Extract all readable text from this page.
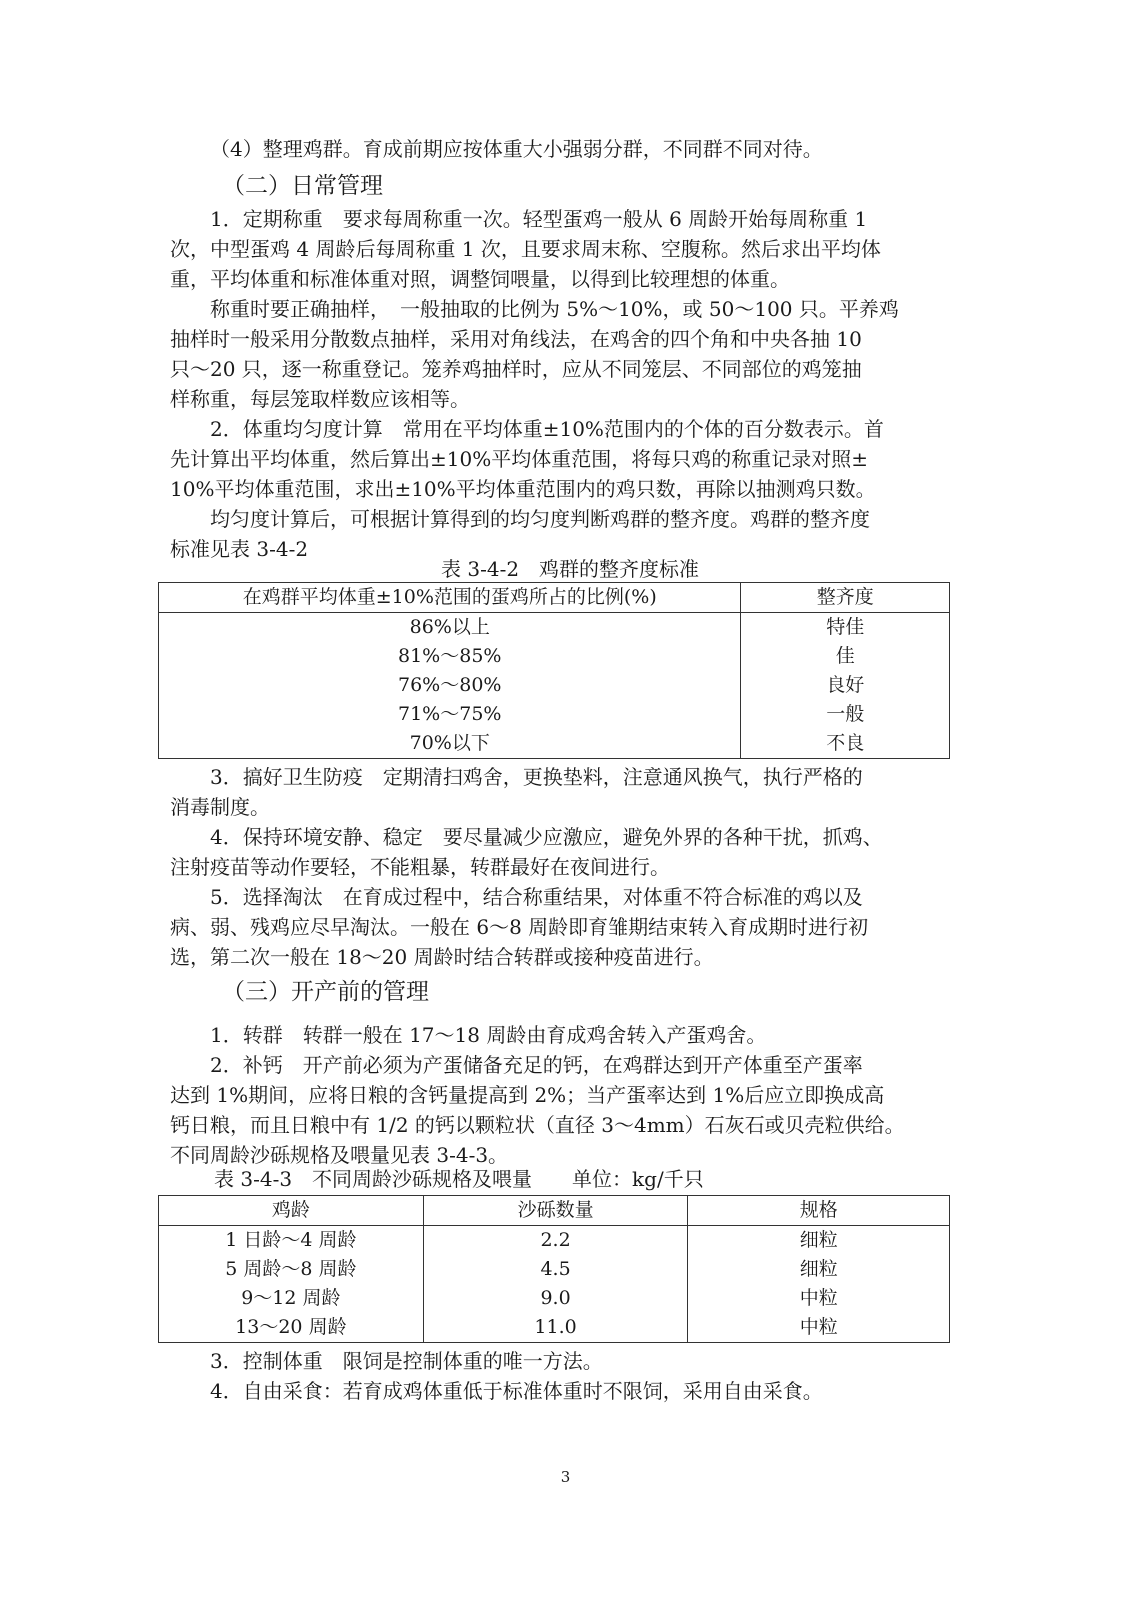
（4）整理鸡群。育成前期应按体重大小强弱分群，不同群不同对待。
（二）日常管理
1．定期称重　要求每周称重一次。轻型蛋鸡一般从 6 周龄开始每周称重 1
次，中型蛋鸡 4 周龄后每周称重 1 次，且要求周末称、空腹称。然后求出平均体
重，平均体重和标准体重对照，调整饲喂量，以得到比较理想的体重。
称重时要正确抽样，　一般抽取的比例为 5%～10%，或 50～100 只。平养鸡
抽样时一般采用分散数点抽样，采用对角线法，在鸡舍的四个角和中央各抽 10
只～20 只，逐一称重登记。笼养鸡抽样时，应从不同笼层、不同部位的鸡笼抽
样称重，每层笼取样数应该相等。
2．体重均匀度计算　常用在平均体重±10%范围内的个体的百分数表示。首
先计算出平均体重，然后算出±10%平均体重范围，将每只鸡的称重记录对照±
10%平均体重范围，求出±10%平均体重范围内的鸡只数，再除以抽测鸡只数。
均匀度计算后，可根据计算得到的均匀度判断鸡群的整齐度。鸡群的整齐度
标准见表 3-4-2
表 3-4-2　鸡群的整齐度标准
在鸡群平均体重±10%范围的蛋鸡所占的比例(%)	整齐度
86%以上	特佳
81%～85%	佳
76%～80%	良好
71%～75%	一般
70%以下	不良
3．搞好卫生防疫　定期清扫鸡舍，更换垫料，注意通风换气，执行严格的
消毒制度。
4．保持环境安静、稳定　要尽量减少应激应，避免外界的各种干扰，抓鸡、
注射疫苗等动作要轻，不能粗暴，转群最好在夜间进行。
5．选择淘汰　在育成过程中，结合称重结果，对体重不符合标准的鸡以及
病、弱、残鸡应尽早淘汰。一般在 6～8 周龄即育雏期结束转入育成期时进行初
选，第二次一般在 18～20 周龄时结合转群或接种疫苗进行。
（三）开产前的管理
1．转群　转群一般在 17～18 周龄由育成鸡舍转入产蛋鸡舍。
2．补钙　开产前必须为产蛋储备充足的钙，在鸡群达到开产体重至产蛋率
达到 1%期间，应将日粮的含钙量提高到 2%；当产蛋率达到 1%后应立即换成高
钙日粮，而且日粮中有 1/2 的钙以颗粒状（直径 3～4mm）石灰石或贝壳粒供给。
不同周龄沙砾规格及喂量见表 3-4-3。
表 3-4-3　不同周龄沙砾规格及喂量　　单位：kg/千只
鸡龄	沙砾数量	规格
1 日龄～4 周龄	2.2	细粒
5 周龄～8 周龄	4.5	细粒
9～12 周龄	9.0	中粒
13～20 周龄	11.0	中粒
3．控制体重　限饲是控制体重的唯一方法。
4．自由采食：若育成鸡体重低于标准体重时不限饲，采用自由采食。
3
